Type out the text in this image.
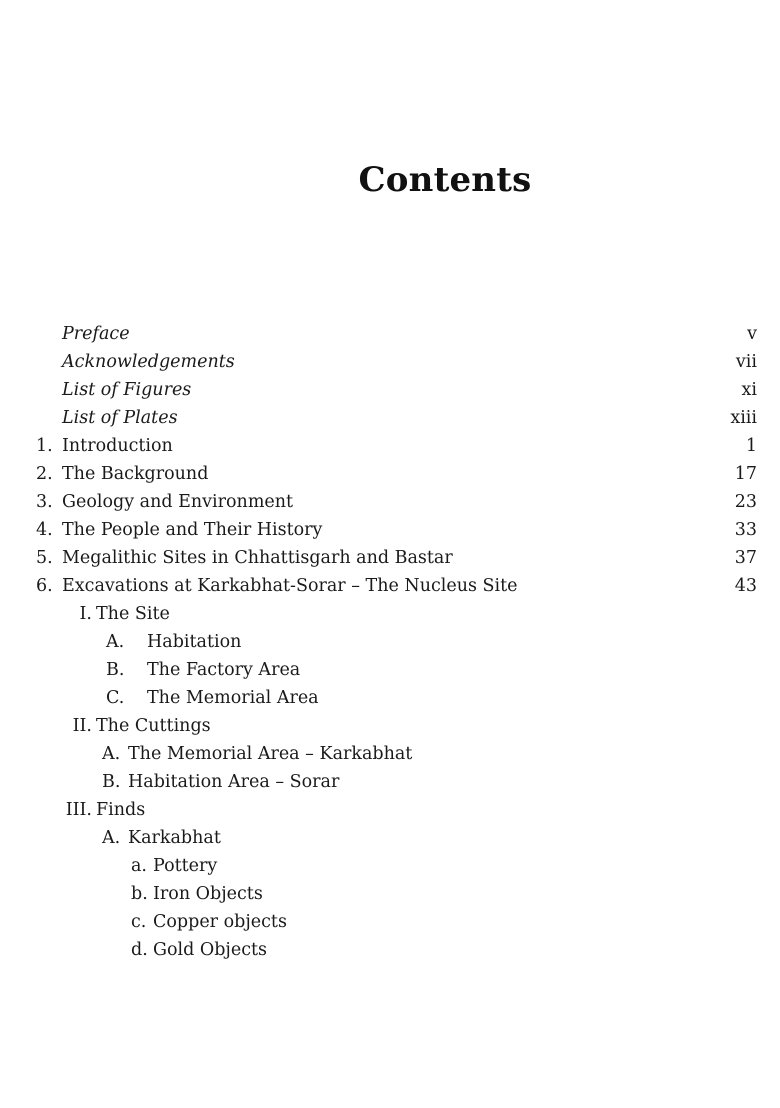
Contents
Preface	v
Acknowledgements	vii
List of Figures	xi
List of Plates	xiii
1. Introduction	1
2. The Background	17
3. Geology and Environment	23
4. The People and Their History	33
5. Megalithic Sites in Chhattisgarh and Bastar	37
6. Excavations at Karkabhat-Sorar – The Nucleus Site	43
I. The Site
A. Habitation
B. The Factory Area
C. The Memorial Area
II. The Cuttings
A. The Memorial Area – Karkabhat
B. Habitation Area – Sorar
III. Finds
A. Karkabhat
a. Pottery
b. Iron Objects
c. Copper objects
d. Gold Objects
